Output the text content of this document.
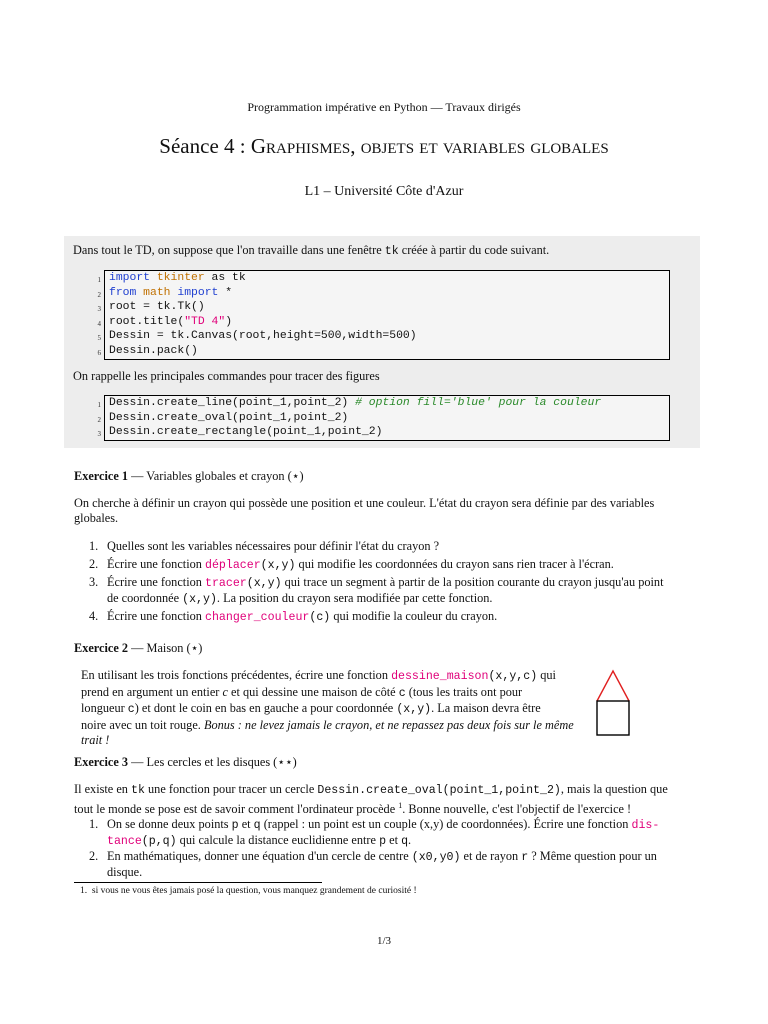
Programmation impérative en Python — Travaux dirigés
Séance 4 : Graphismes, objets et variables globales
L1 – Université Côte d'Azur
Dans tout le TD, on suppose que l'on travaille dans une fenêtre tk créée à partir du code suivant.
1 import tkinter as tk
2 from math import *
3 root = tk.Tk()
4 root.title("TD 4")
5 Dessin = tk.Canvas(root,height=500,width=500)
6 Dessin.pack()
On rappelle les principales commandes pour tracer des figures
1 Dessin.create_line(point_1,point_2) # option fill='blue' pour la couleur
2 Dessin.create_oval(point_1,point_2)
3 Dessin.create_rectangle(point_1,point_2)
Exercice 1 — Variables globales et crayon (⋆)
On cherche à définir un crayon qui possède une position et une couleur. L'état du crayon sera définie par des variables
globales.
1. Quelles sont les variables nécessaires pour définir l'état du crayon ?
2. Écrire une fonction déplacer(x,y) qui modifie les coordonnées du crayon sans rien tracer à l'écran.
3. Écrire une fonction tracer(x,y) qui trace un segment à partir de la position courante du crayon jusqu'au point
de coordonnée (x,y). La position du crayon sera modifiée par cette fonction.
4. Écrire une fonction changer_couleur(c) qui modifie la couleur du crayon.
Exercice 2 — Maison (⋆)
En utilisant les trois fonctions précédentes, écrire une fonction dessine_maison(x,y,c) qui
prend en argument un entier c et qui dessine une maison de côté c (tous les traits ont pour
longueur c) et dont le coin en bas en gauche a pour coordonnée (x,y). La maison devra être
noire avec un toit rouge. Bonus : ne levez jamais le crayon, et ne repassez pas deux fois sur le même
trait !
Exercice 3 — Les cercles et les disques (⋆⋆)
Il existe en tk une fonction pour tracer un cercle Dessin.create_oval(point_1,point_2), mais la question que
tout le monde se pose est de savoir comment l'ordinateur procède $^1$. Bonne nouvelle, c'est l'objectif de l'exercice !
1. On se donne deux points p et q (rappel : un point est un couple (x,y) de coordonnées). Écrire une fonction dis-
tance(p,q) qui calcule la distance euclidienne entre p et q.
2. En mathématiques, donner une équation d'un cercle de centre (x0,y0) et de rayon r ? Même question pour un
disque.
1. si vous ne vous êtes jamais posé la question, vous manquez grandement de curiosité !
1/3
